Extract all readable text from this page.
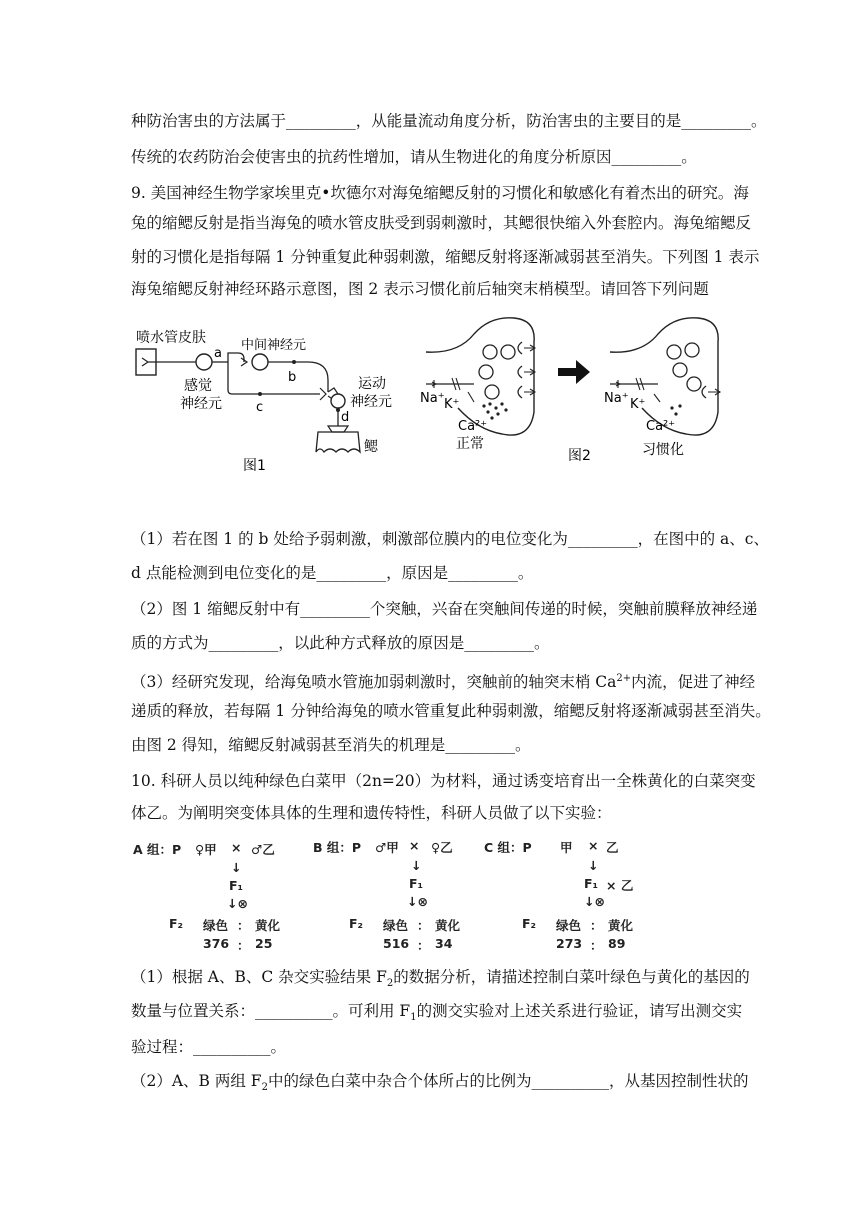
种防治害虫的方法属于_________，从能量流动角度分析，防治害虫的主要目的是_________。
传统的农药防治会使害虫的抗药性增加，请从生物进化的角度分析原因_________。
9. 美国神经生物学家埃里克•坎德尔对海兔缩鳃反射的习惯化和敏感化有着杰出的研究。海
兔的缩鳃反射是指当海兔的喷水管皮肤受到弱刺激时，其鳃很快缩入外套腔内。海兔缩鳃反
射的习惯化是指每隔 1 分钟重复此种弱刺激，缩鳃反射将逐渐减弱甚至消失。下列图 1 表示
海兔缩鳃反射神经环路示意图，图 2 表示习惯化前后轴突末梢模型。请回答下列问题
喷水管皮肤
a
中间神经元
b
c
d
鳃
运动
神经元
感觉
神经元
图1
Na⁺ K⁺
Ca²⁺
正常
图2
Na⁺ K⁺
Ca²⁺
习惯化
（1）若在图 1 的 b 处给予弱刺激，刺激部位膜内的电位变化为_________，在图中的 a、c、
d 点能检测到电位变化的是_________，原因是_________。
（2）图 1 缩鳃反射中有_________个突触，兴奋在突触间传递的时候，突触前膜释放神经递
质的方式为_________，以此种方式释放的原因是_________。
（3）经研究发现，给海兔喷水管施加弱刺激时，突触前的轴突末梢 $Ca^{2+}$内流，促进了神经
递质的释放，若每隔 1 分钟给海兔的喷水管重复此种弱刺激，缩鳃反射将逐渐减弱甚至消失。
由图 2 得知，缩鳃反射减弱甚至消失的机理是_________。
10. 科研人员以纯种绿色白菜甲（2n=20）为材料，通过诱变培育出一全株黄化的白菜突变
体乙。为阐明突变体具体的生理和遗传特性，科研人员做了以下实验：
A 组：P ♀甲 × ♂乙
↓
F₁
↓⊗
F₂ 绿色 ： 黄化
376 ： 25
B 组：P ♂甲 × ♀乙
↓
F₁
↓⊗
F₂ 绿色 ： 黄化
516 ： 34
C 组：P 甲 × 乙
↓
F₁ × 乙
↓⊗
F₂ 绿色 ： 黄化
273 ： 89
（1）根据 A、B、C 杂交实验结果 $F_2$的数据分析，请描述控制白菜叶绿色与黄化的基因的
数量与位置关系：__________。可利用 $F_1$的测交实验对上述关系进行验证，请写出测交实
验过程：__________。
（2）A、B 两组 $F_2$中的绿色白菜中杂合个体所占的比例为__________，从基因控制性状的
